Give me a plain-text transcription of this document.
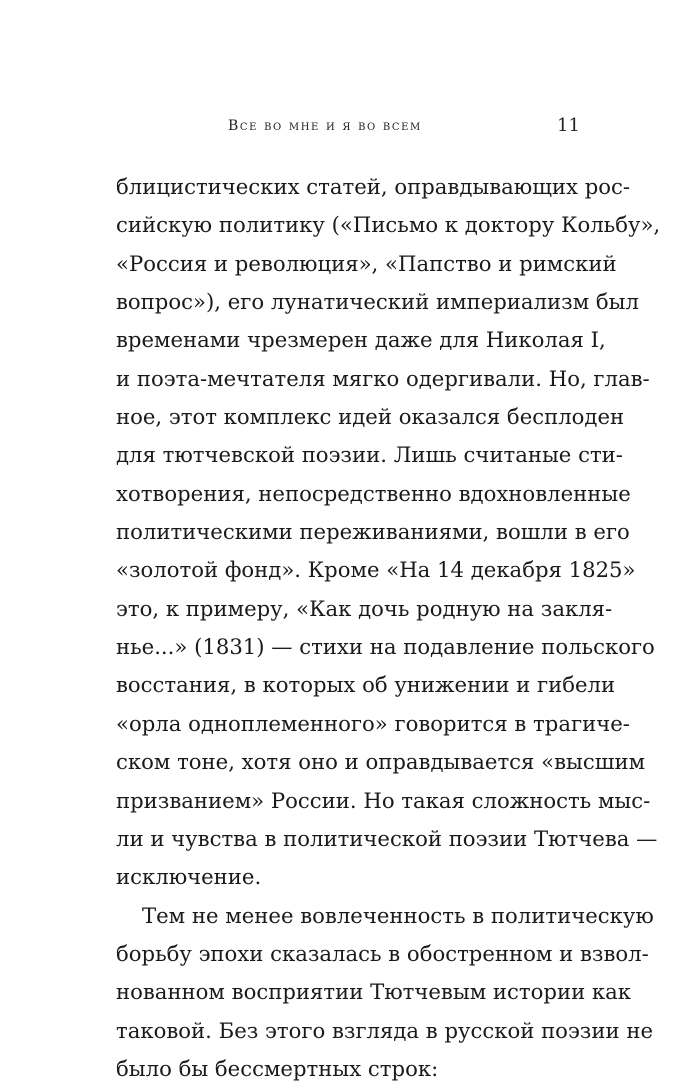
Все во мне и я во всем	11
блицистических статей, оправдывающих рос-
сийскую политику («Письмо к доктору Кольбу»,
«Россия и революция», «Папство и римский
вопрос»), его лунатический империализм был
временами чрезмерен даже для Николая I,
и поэта-мечтателя мягко одергивали. Но, глав-
ное, этот комплекс идей оказался бесплоден
для тютчевской поэзии. Лишь считаные сти-
хотворения, непосредственно вдохновленные
политическими переживаниями, вошли в его
«золотой фонд». Кроме «На 14 декабря 1825»
это, к примеру, «Как дочь родную на закля-
нье...» (1831) — стихи на подавление польского
восстания, в которых об унижении и гибели
«орла одноплеменного» говорится в трагиче-
ском тоне, хотя оно и оправдывается «высшим
призванием» России. Но такая сложность мыс-
ли и чувства в политической поэзии Тютчева —
исключение.
Тем не менее вовлеченность в политическую
борьбу эпохи сказалась в обостренном и взвол-
нованном восприятии Тютчевым истории как
таковой. Без этого взгляда в русской поэзии не
было бы бессмертных строк:
